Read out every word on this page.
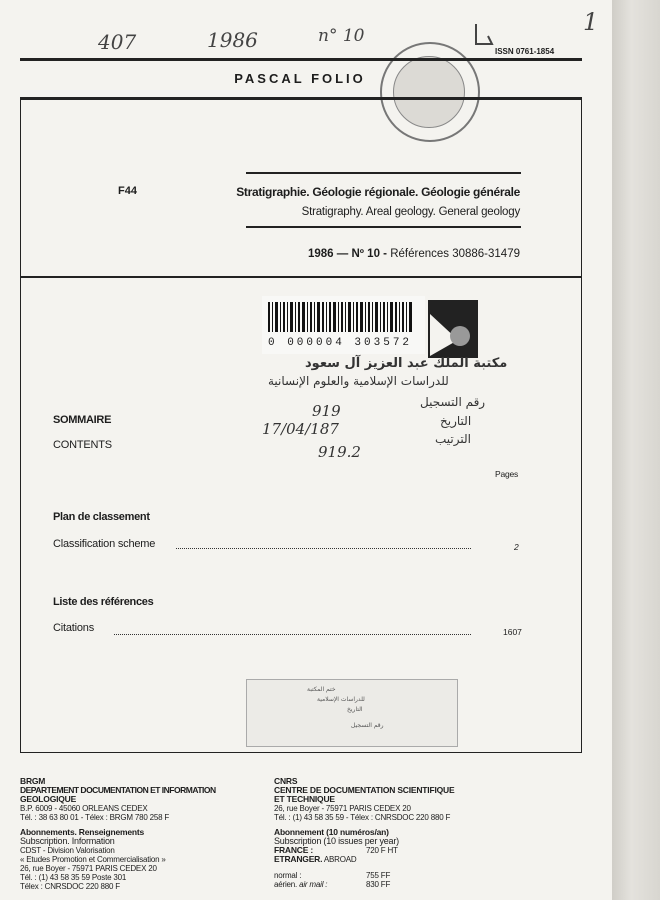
407	1986	n° 10	1
ISSN 0761-1854
PASCAL FOLIO
F44	Stratigraphie. Géologie régionale. Géologie générale
Stratigraphy. Areal geology. General geology
1986 — Nº 10 - Références 30886-31479
0 000004 303572
مكتبة الملك عبد العزيز آل سعود
للدراسات الإسلامية والعلوم الإنسانية
رقم التسجيل
التاريخ
الترتيب
919
17/04/187
919.2
SOMMAIRE
CONTENTS
Pages
Plan de classement
Classification scheme	2
Liste des références
Citations	1607
ختم المكتبة
للدراسات الإسلامية
التاريخ
رقم التسجيل
BRGM
DEPARTEMENT DOCUMENTATION ET INFORMATION
GEOLOGIQUE
B.P. 6009 - 45060 ORLEANS CEDEX
Tél. : 38 63 80 01 - Télex : BRGM 780 258 F
Abonnements. Renseignements
Subscription. Information
CDST - Division Valorisation
« Etudes Promotion et Commercialisation »
26, rue Boyer - 75971 PARIS CEDEX 20
Tél. : (1) 43 58 35 59 Poste 301
Télex : CNRSDOC 220 880 F
CNRS
CENTRE DE DOCUMENTATION SCIENTIFIQUE
ET TECHNIQUE
26, rue Boyer - 75971 PARIS CEDEX 20
Tél. : (1) 43 58 35 59 - Télex : CNRSDOC 220 880 F
Abonnement (10 numéros/an)
Subscription (10 issues per year)
FRANCE :	720 F HT
ETRANGER. ABROAD
normal :	755 FF
aérien. air mail :	830 FF
